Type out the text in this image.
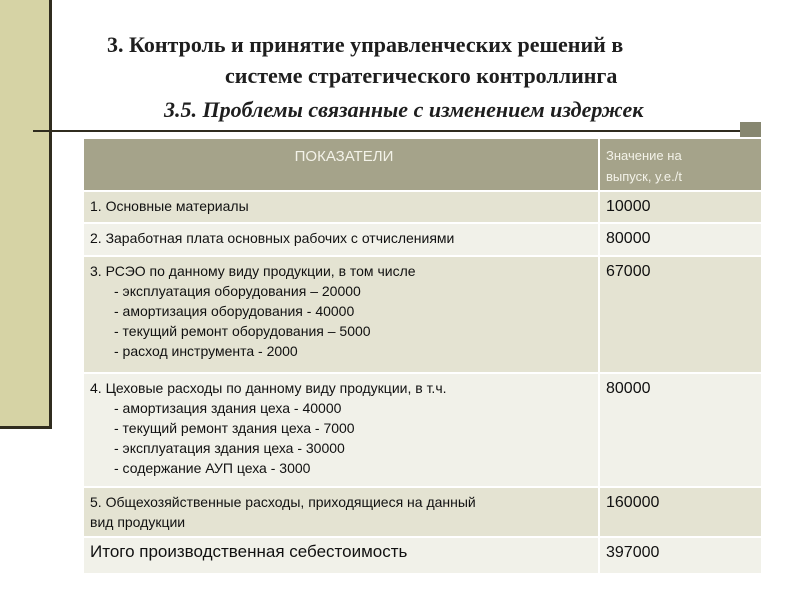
3. Контроль и принятие управленческих решений в
системе стратегического контроллинга
3.5. Проблемы связанные с изменением издержек
ПОКАЗАТЕЛИ	Значение на
выпуск, у.е./t

1. Основные материалы	10000

2. Заработная плата основных рабочих с отчислениями	80000

3. РСЭО по данному виду продукции, в том числе
- эксплуатация оборудования – 20000
- амортизация оборудования - 40000
- текущий ремонт оборудования – 5000
- расход инструмента - 2000	67000

4. Цеховые расходы по данному виду продукции, в т.ч.
- амортизация здания цеха - 40000
- текущий ремонт здания цеха - 7000
- эксплуатация здания цеха - 30000
- содержание АУП цеха - 3000	80000

5. Общехозяйственные расходы, приходящиеся на данный
вид продукции	160000

Итого производственная себестоимость	397000
